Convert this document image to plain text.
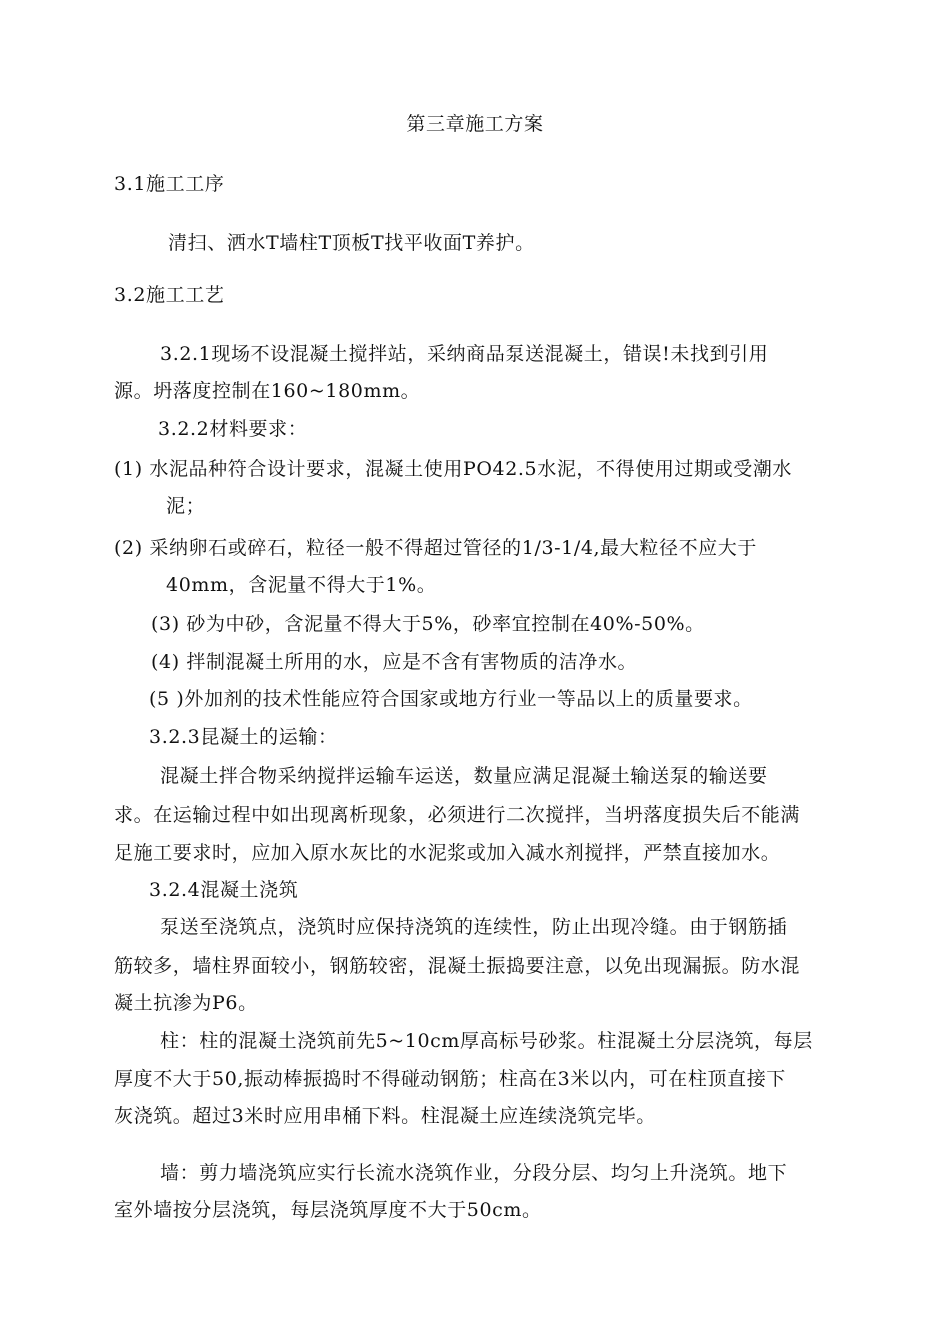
第三章施工方案
3.1施工工序
清扫、洒水T墙柱T顶板T找平收面T养护。
3.2施工工艺
3.2.1现场不设混凝土搅拌站，采纳商品泵送混凝土，错误!未找到引用
源。坍落度控制在160~180mm。
3.2.2材料要求：
(1) 水泥品种符合设计要求，混凝土使用PO42.5水泥，不得使用过期或受潮水
泥；
(2) 采纳卵石或碎石，粒径一般不得超过管径的1/3-1/4,最大粒径不应大于
40mm，含泥量不得大于1%。
(3) 砂为中砂，含泥量不得大于5%，砂率宜控制在40%-50%。
(4) 拌制混凝土所用的水，应是不含有害物质的洁净水。
(5 )外加剂的技术性能应符合国家或地方行业一等品以上的质量要求。
3.2.3昆凝土的运输：
混凝土拌合物采纳搅拌运输车运送，数量应满足混凝土输送泵的输送要
求。在运输过程中如出现离析现象，必须进行二次搅拌，当坍落度损失后不能满
足施工要求时，应加入原水灰比的水泥浆或加入减水剂搅拌，严禁直接加水。
3.2.4混凝土浇筑
泵送至浇筑点，浇筑时应保持浇筑的连续性，防止出现冷缝。由于钢筋插
筋较多，墙柱界面较小，钢筋较密，混凝土振捣要注意，以免出现漏振。防水混
凝土抗渗为P6。
柱：柱的混凝土浇筑前先5~10cm厚高标号砂浆。柱混凝土分层浇筑，每层
厚度不大于50,振动棒振捣时不得碰动钢筋；柱高在3米以内，可在柱顶直接下
灰浇筑。超过3米时应用串桶下料。柱混凝土应连续浇筑完毕。
墙：剪力墙浇筑应实行长流水浇筑作业，分段分层、均匀上升浇筑。地下
室外墙按分层浇筑，每层浇筑厚度不大于50cm。
